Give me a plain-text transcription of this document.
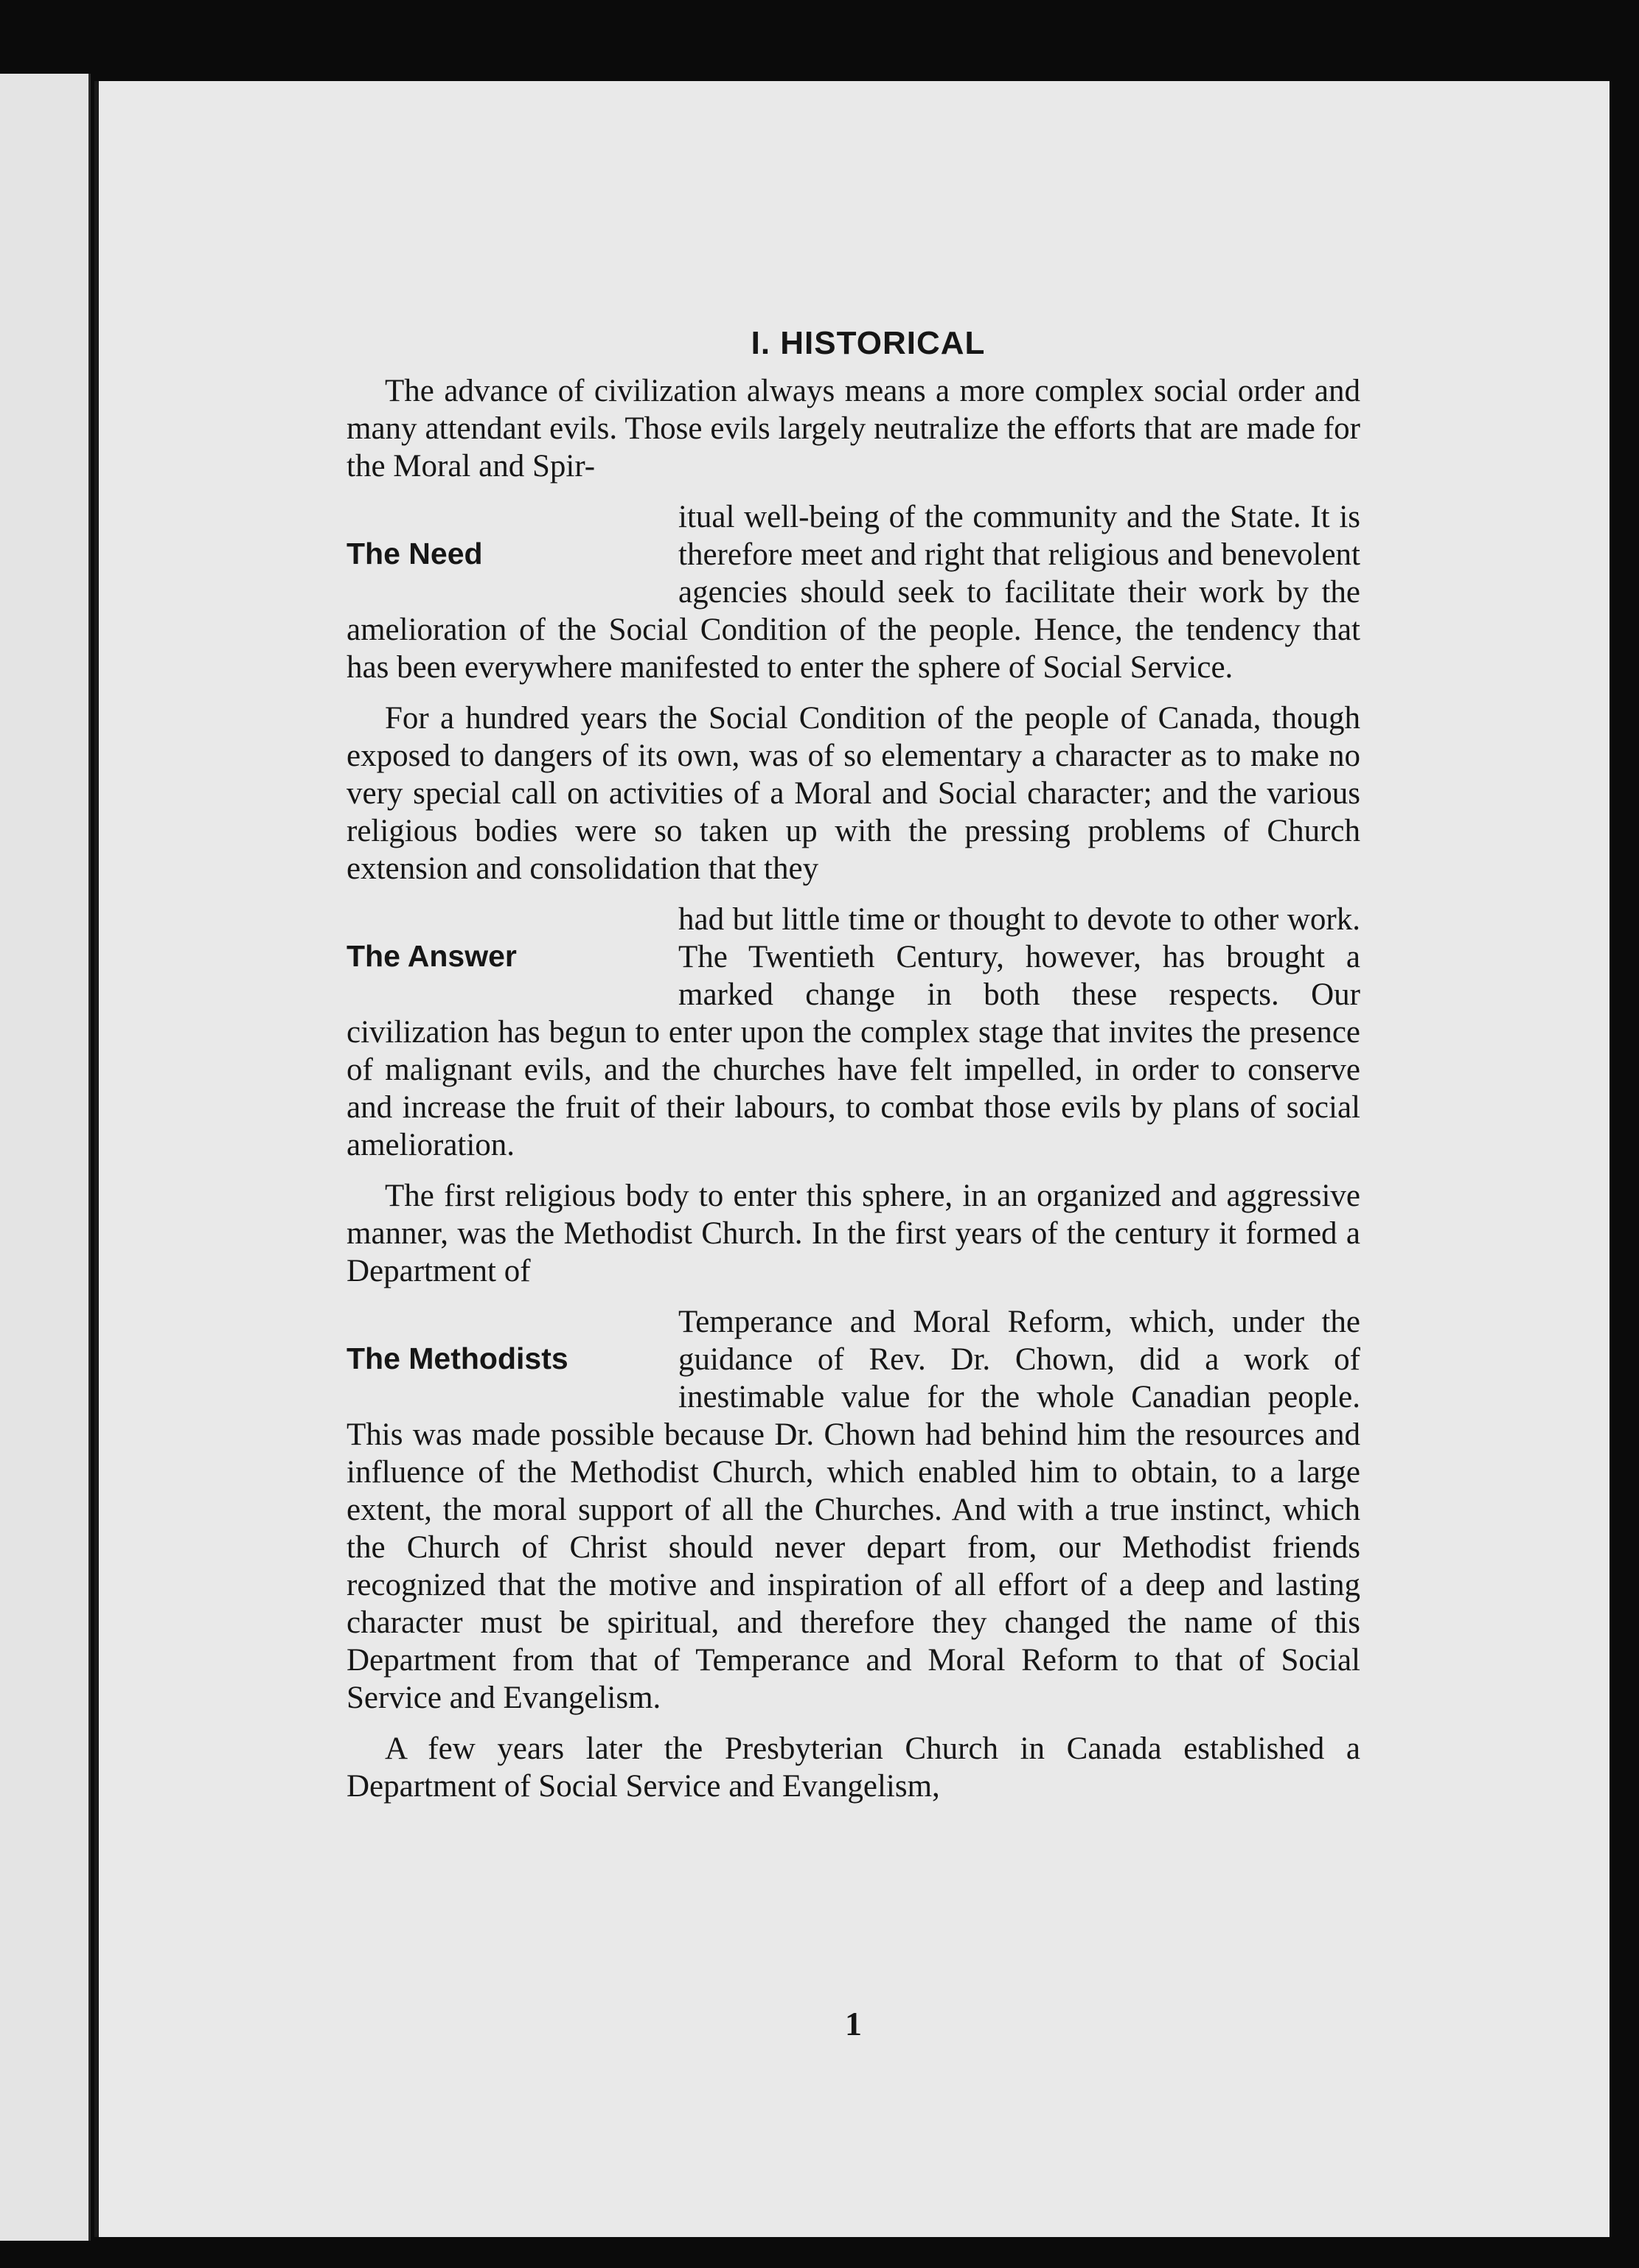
I. HISTORICAL

The advance of civilization always means a more complex social order and many attendant evils. Those evils largely neutralize the efforts that are made for the Moral and Spir-

The Need

itual well-being of the community and the State. It is therefore meet and right that religious and benevolent agencies should seek to facilitate their work by the amelioration of the Social Condition of the people. Hence, the tendency that has been everywhere manifested to enter the sphere of Social Service.

For a hundred years the Social Condition of the people of Canada, though exposed to dangers of its own, was of so elementary a character as to make no very special call on activities of a Moral and Social character; and the various religious bodies were so taken up with the pressing problems of Church extension and consolidation that they

The Answer

had but little time or thought to devote to other work. The Twentieth Century, however, has brought a marked change in both these respects. Our civilization has begun to enter upon the complex stage that invites the presence of malignant evils, and the churches have felt impelled, in order to conserve and increase the fruit of their labours, to combat those evils by plans of social amelioration.

The first religious body to enter this sphere, in an organized and aggressive manner, was the Methodist Church. In the first years of the century it formed a Department of

The Methodists

Temperance and Moral Reform, which, under the guidance of Rev. Dr. Chown, did a work of inestimable value for the whole Canadian people. This was made possible because Dr. Chown had behind him the resources and influence of the Methodist Church, which enabled him to obtain, to a large extent, the moral support of all the Churches. And with a true instinct, which the Church of Christ should never depart from, our Methodist friends recognized that the motive and inspiration of all effort of a deep and lasting character must be spiritual, and therefore they changed the name of this Department from that of Temperance and Moral Reform to that of Social Service and Evangelism.

A few years later the Presbyterian Church in Canada established a Department of Social Service and Evangelism,

1
